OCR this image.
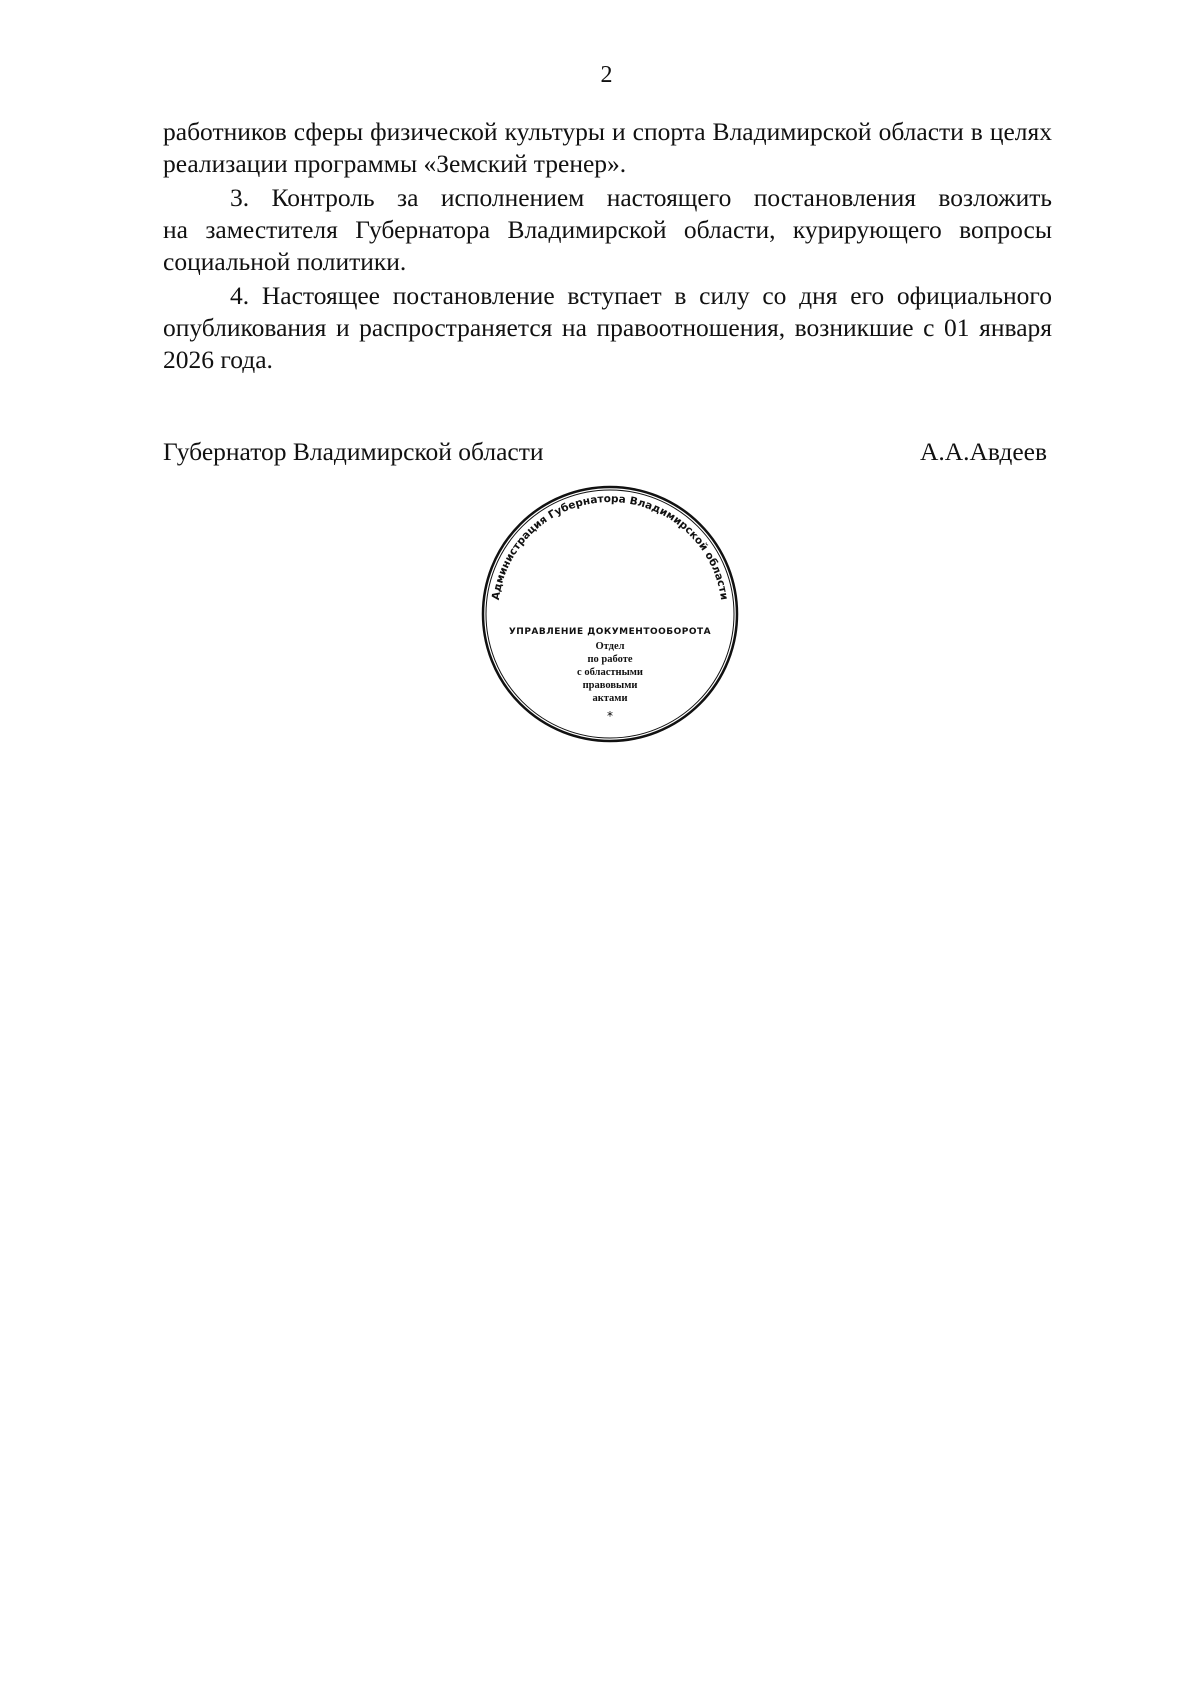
2
работников сферы физической культуры и спорта Владимирской области в целях
реализации программы «Земский тренер».
3. Контроль за исполнением настоящего постановления возложить
на заместителя Губернатора Владимирской области, курирующего вопросы
социальной политики.
4. Настоящее постановление вступает в силу со дня его официального
опубликования и распространяется на правоотношения, возникшие с 01 января
2026 года.
Губернатор Владимирской области	А.А.Авдеев
Администрация Губернатора Владимирской области
УПРАВЛЕНИЕ ДОКУМЕНТООБОРОТА
Отдел
по работе
с областными
правовыми
актами
*
